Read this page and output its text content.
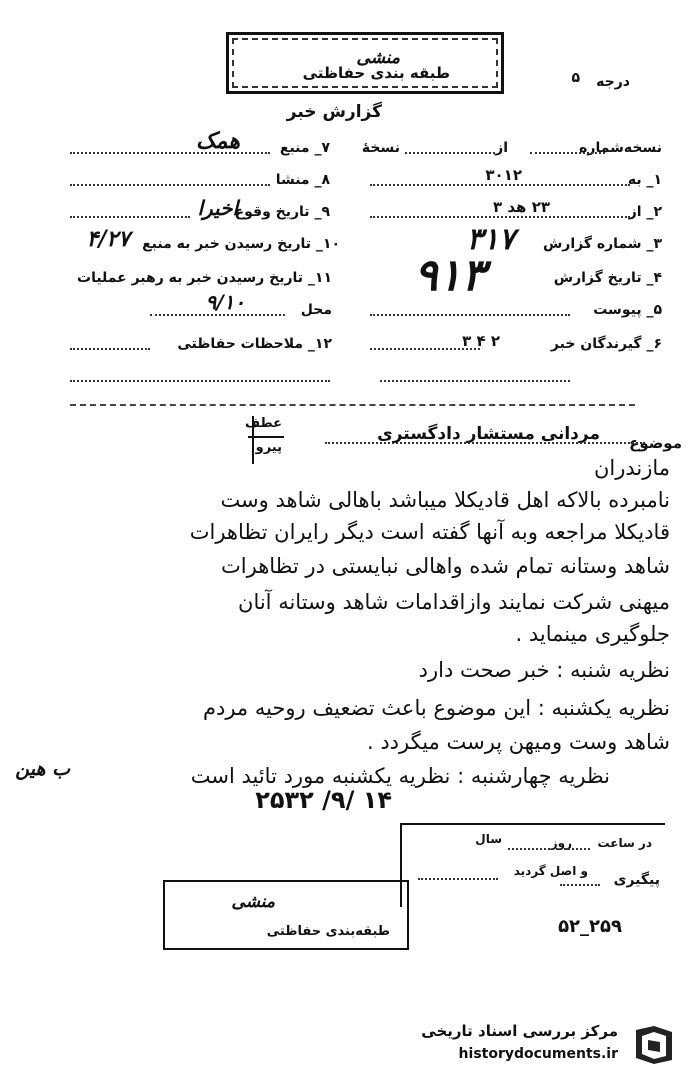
منشی
طبقه بندی حفاظتی	درجه
۵
گزارش خبر
نسخه‌شماره
از
نسخهٔ
۷_ منبع
همک
۱_ به
۳۰۱۲
۸_ منشا
۲_ از
۲۳ هد ۳
۹_ تاریخ وقوع
اخیرا
۳_ شماره گزارش
۳۱۷
۱۰_ تاریخ رسیدن خبر به منبع
۴/۲۷
۴_ تاریخ گزارش
۹۱۳
۱۱_ تاریخ رسیدن خبر به رهبر عملیات
۵_ پیوست
محل
۹/۱۰
۶_ گیرندگان خبر
۲ ۴ ۳
۱۲_ ملاحظات حفاظتی
موضوع
مردانی مستشار دادگستری
عطف
پیرو
مازندران
نامبرده بالاکه اهل قادیکلا میباشد باهالی شاهد وست
قادیکلا مراجعه وبه آنها گفته است دیگر رایران تظاهرات
شاهد وستانه تمام شده واهالی نبایستی در تظاهرات
میهنی شرکت نمایند وازاقدامات شاهد وستانه آنان
جلوگیری مینماید .
نظریه شنبه : خبر صحت دارد
نظریه یکشنبه : این موضوع باعث تضعیف روحیه مردم
شاهد وست ومیهن پرست میگردد .
نظریه چهارشنبه : نظریه یکشنبه مورد تائید است
ب هین
۲۵۳۲ /۹/ ۱۴
در ساعت
روز
سال
پیگیری
و اصل گردید
منشی
طبقه‌بندی حفاظتی	۵۲_۲۵۹
مرکز بررسی اسناد تاریخی
historydocuments.ir
